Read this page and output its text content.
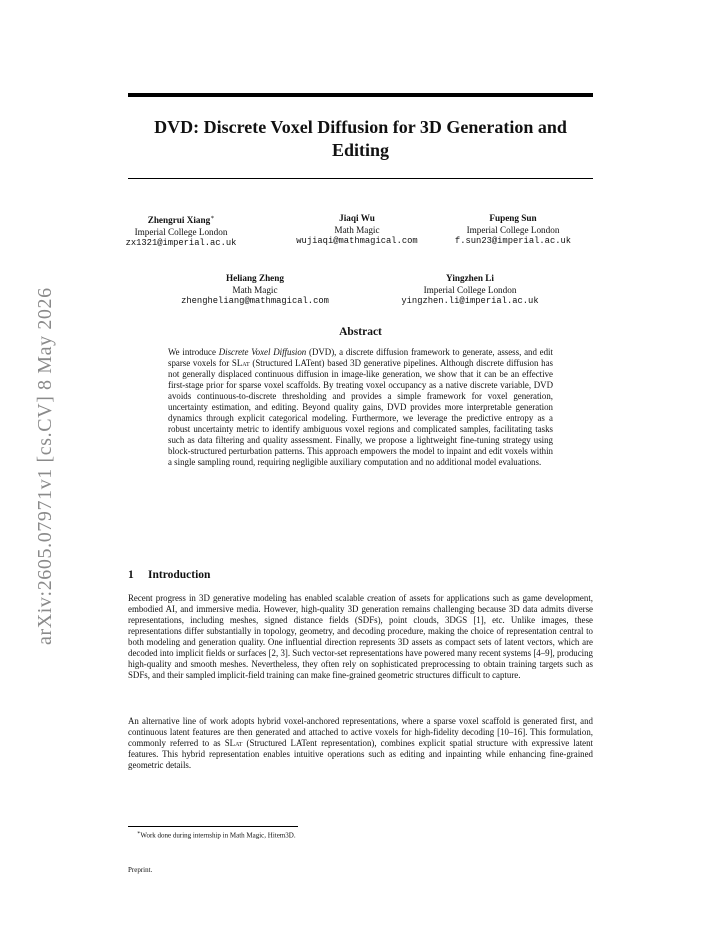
arXiv:2605.07971v1 [cs.CV] 8 May 2026
DVD: Discrete Voxel Diffusion for 3D Generation and Editing
Zhengrui Xiang∗
Imperial College London
zx1321@imperial.ac.uk
Jiaqi Wu
Math Magic
wujiaqi@mathmagical.com
Fupeng Sun
Imperial College London
f.sun23@imperial.ac.uk
Heliang Zheng
Math Magic
zhengheliang@mathmagical.com
Yingzhen Li
Imperial College London
yingzhen.li@imperial.ac.uk
Abstract
We introduce Discrete Voxel Diffusion (DVD), a discrete diffusion framework to generate, assess, and edit sparse voxels for SLat (Structured LATent) based 3D generative pipelines. Although discrete diffusion has not generally displaced continuous diffusion in image-like generation, we show that it can be an effective first-stage prior for sparse voxel scaffolds. By treating voxel occupancy as a native discrete variable, DVD avoids continuous-to-discrete thresholding and provides a simple framework for voxel generation, uncertainty estimation, and editing. Beyond quality gains, DVD provides more interpretable generation dynamics through explicit categorical modeling. Furthermore, we leverage the predictive entropy as a robust uncertainty metric to identify ambiguous voxel regions and complicated samples, facilitating tasks such as data filtering and quality assessment. Finally, we propose a lightweight fine-tuning strategy using block-structured perturbation patterns. This approach empowers the model to inpaint and edit voxels within a single sampling round, requiring negligible auxiliary computation and no additional model evaluations.
1 Introduction
Recent progress in 3D generative modeling has enabled scalable creation of assets for applications such as game development, embodied AI, and immersive media. However, high-quality 3D generation remains challenging because 3D data admits diverse representations, including meshes, signed distance fields (SDFs), point clouds, 3DGS [1], etc. Unlike images, these representations differ substantially in topology, geometry, and decoding procedure, making the choice of representation central to both modeling and generation quality. One influential direction represents 3D assets as compact sets of latent vectors, which are decoded into implicit fields or surfaces [2, 3]. Such vector-set representations have powered many recent systems [4–9], producing high-quality and smooth meshes. Nevertheless, they often rely on sophisticated preprocessing to obtain training targets such as SDFs, and their sampled implicit-field training can make fine-grained geometric structures difficult to capture.
An alternative line of work adopts hybrid voxel-anchored representations, where a sparse voxel scaffold is generated first, and continuous latent features are then generated and attached to active voxels for high-fidelity decoding [10–16]. This formulation, commonly referred to as SLat (Structured LATent representation), combines explicit spatial structure with expressive latent features. This hybrid representation enables intuitive operations such as editing and inpainting while enhancing fine-grained geometric details.
∗Work done during internship in Math Magic, Hitem3D.
Preprint.
